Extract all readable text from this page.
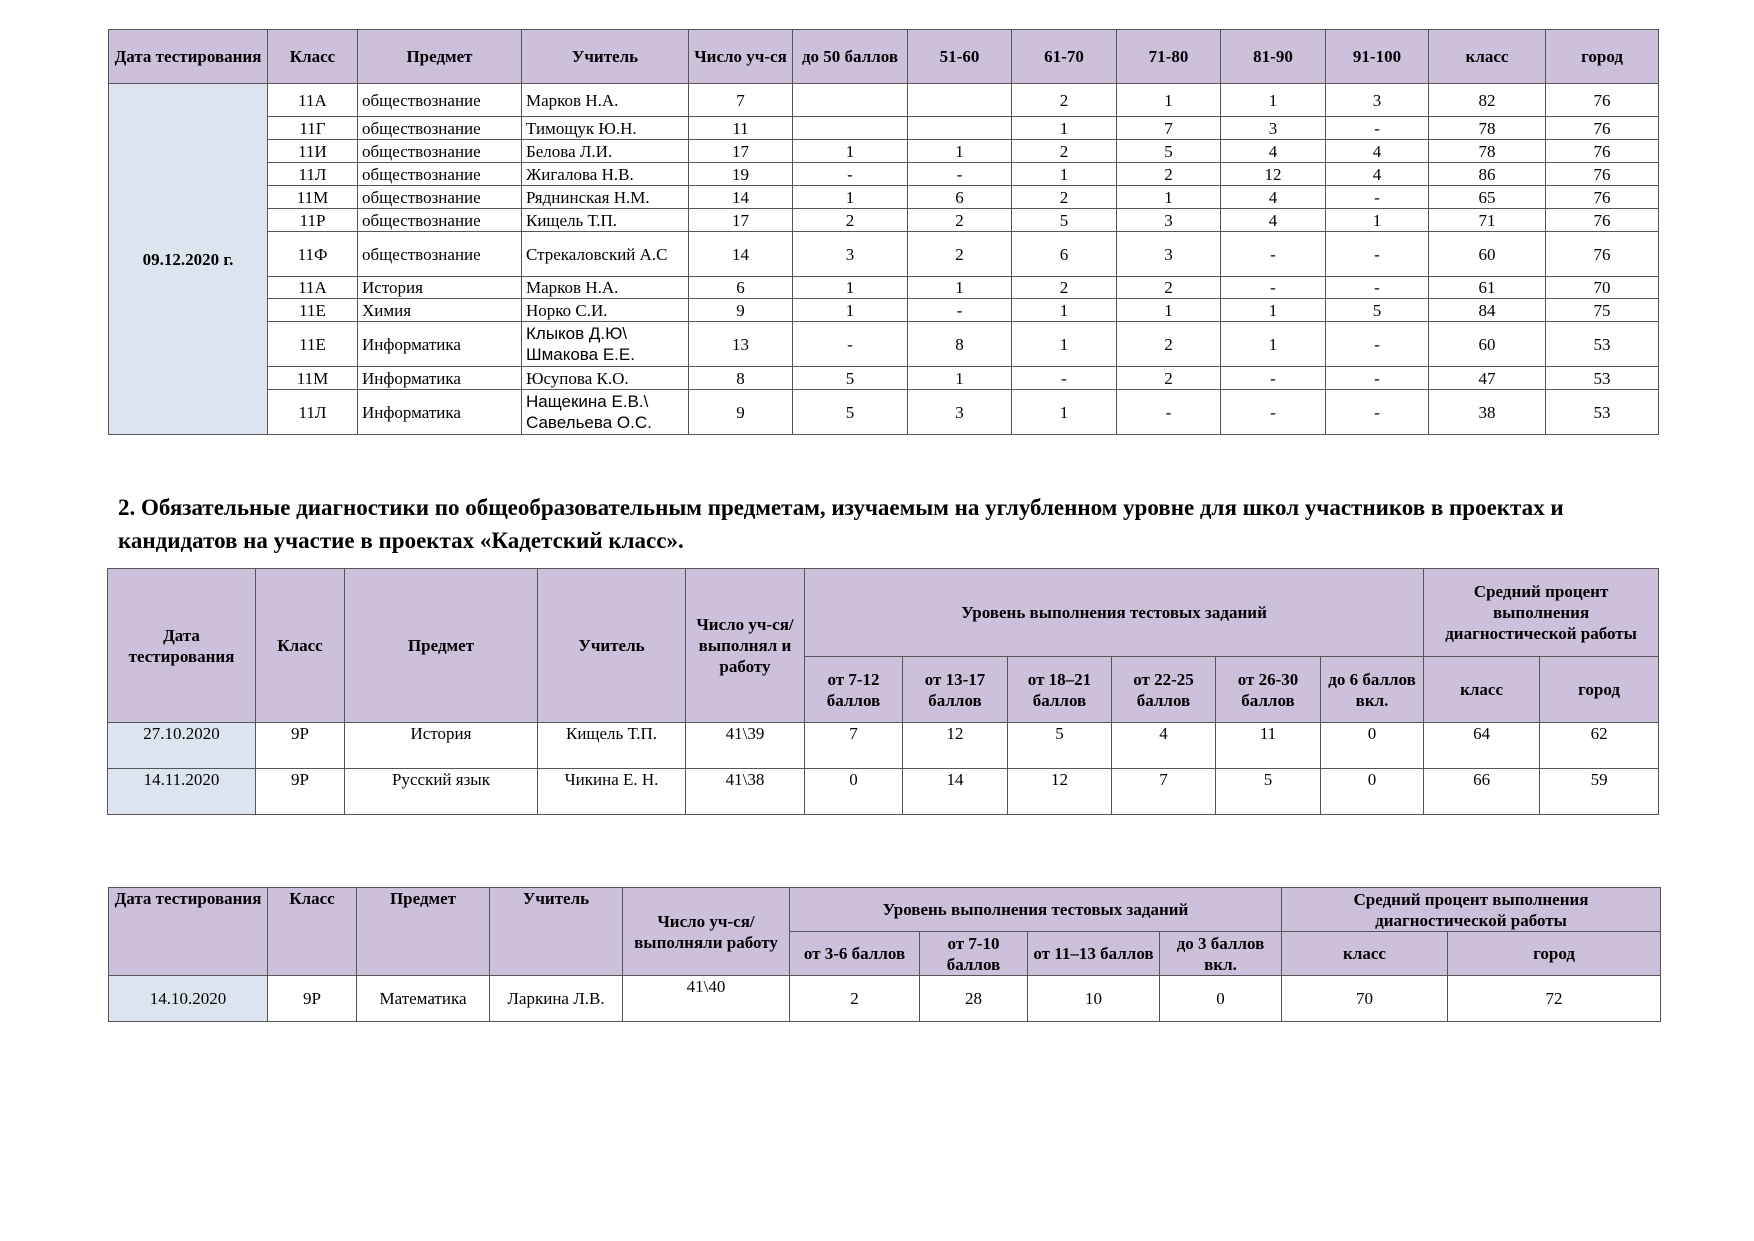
Дата тестирования	Класс	Предмет	Учитель	Число уч-ся	до 50 баллов	51-60	61-70	71-80	81-90	91-100	класс	город
09.12.2020 г.	11А	обществознание	Марков Н.А.	7			2	1	1	3	82	76
	11Г	обществознание	Тимощук Ю.Н.	11			1	7	3	-	78	76
	11И	обществознание	Белова Л.И.	17	1	1	2	5	4	4	78	76
	11Л	обществознание	Жигалова Н.В.	19	-	-	1	2	12	4	86	76
	11М	обществознание	Ряднинская Н.М.	14	1	6	2	1	4	-	65	76
	11Р	обществознание	Кищель Т.П.	17	2	2	5	3	4	1	71	76
	11Ф	обществознание	Стрекаловский А.С	14	3	2	6	3	-	-	60	76
	11А	История	Марков Н.А.	6	1	1	2	2	-	-	61	70
	11Е	Химия	Норко С.И.	9	1	-	1	1	1	5	84	75
	11Е	Информатика	Клыков Д.Ю\ Шмакова Е.Е.	13	-	8	1	2	1	-	60	53
	11М	Информатика	Юсупова К.О.	8	5	1	-	2	-	-	47	53
	11Л	Информатика	Нащекина Е.В.\ Савельева О.С.	9	5	3	1	-	-	-	38	53

2. Обязательные диагностики по общеобразовательным предметам, изучаемым на углубленном уровне для школ участников в проектах и кандидатов на участие в проектах «Кадетский класс».

Дата тестирования	Класс	Предмет	Учитель	Число уч-ся/ выполнял и работу	Уровень выполнения тестовых заданий						Средний процент выполнения диагностической работы	
					от 7-12 баллов	от 13-17 баллов	от 18–21 баллов	от 22-25 баллов	от 26-30 баллов	до 6 баллов вкл.	класс	город
27.10.2020	9Р	История	Кищель Т.П.	41\39	7	12	5	4	11	0	64	62
14.11.2020	9Р	Русский язык	Чикина Е. Н.	41\38	0	14	12	7	5	0	66	59
Дата тестирования	Класс	Предмет	Учитель	Число уч-ся/выполняли работу	Уровень выполнения тестовых заданий				Средний процент выполнения диагностической работы	
					от 3-6 баллов	от 7-10 баллов	от 11–13 баллов	до 3 баллов вкл.	класс	город
14.10.2020	9Р	Математика	Ларкина Л.В.	41\40	2	28	10	0	70	72
